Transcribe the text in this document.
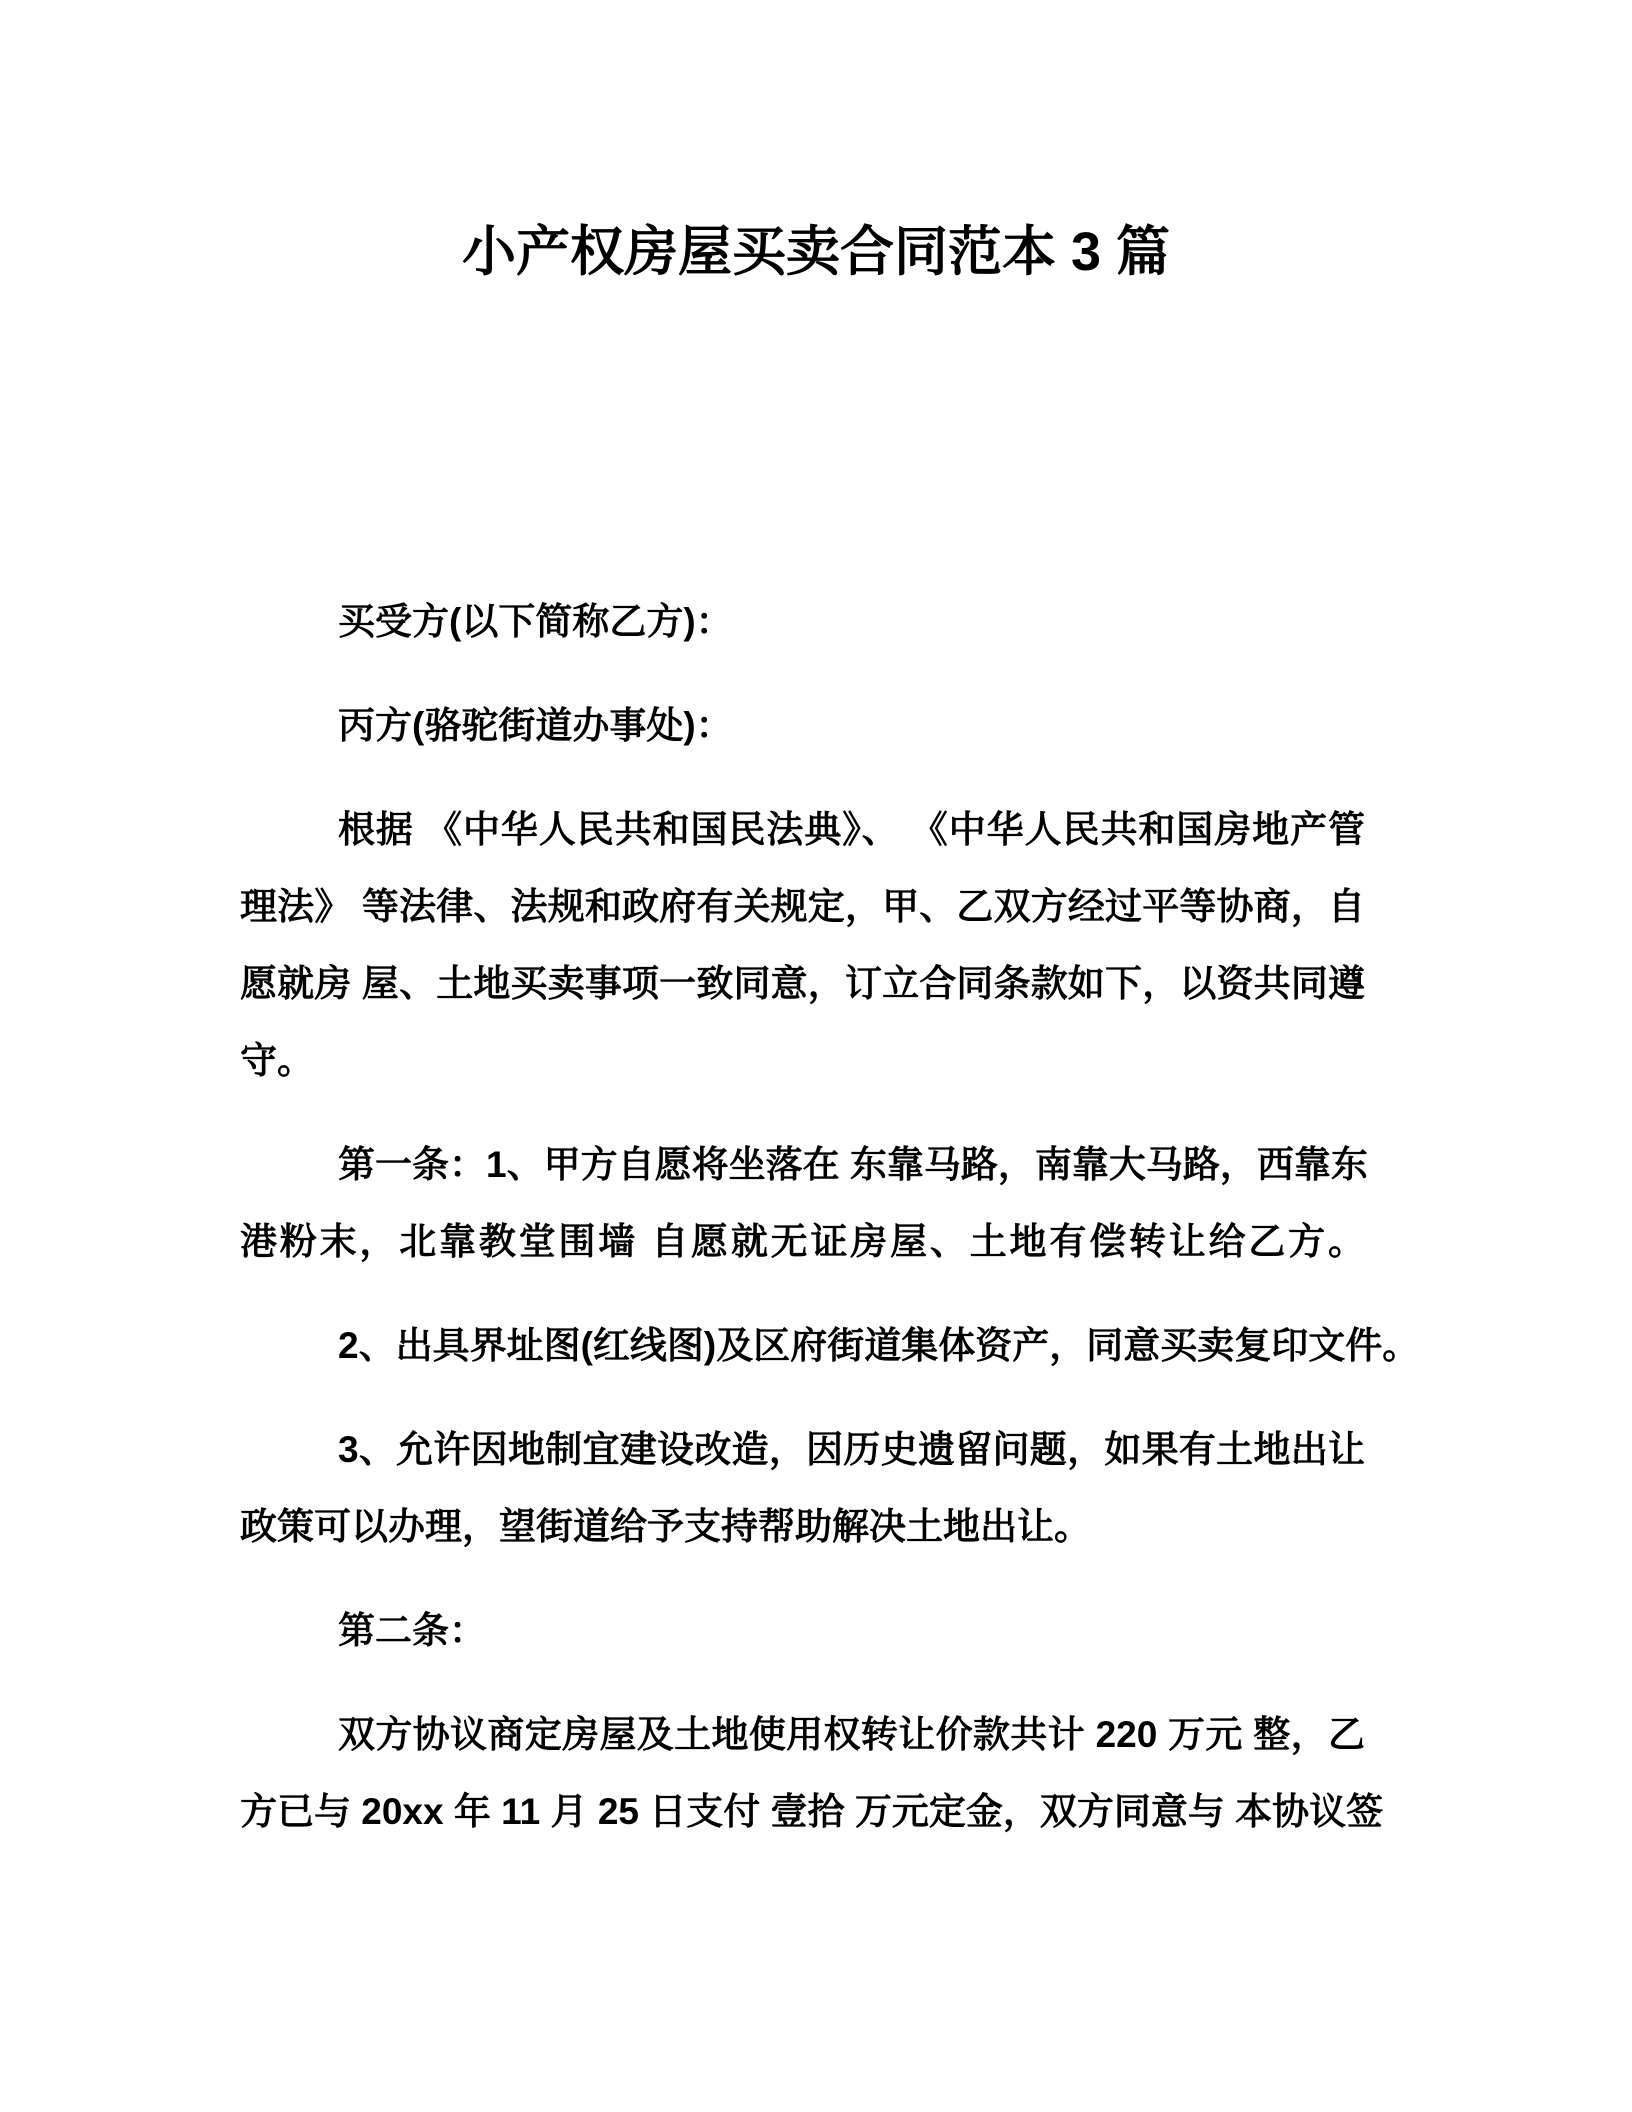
小产权房屋买卖合同范本 3 篇
买受方(以下简称乙方)：
丙方(骆驼街道办事处)：
根据 《中华人民共和国民法典》、 《中华人民共和国房地产管
理法》 等法律、法规和政府有关规定，甲、乙双方经过平等协商，自
愿就房 屋、土地买卖事项一致同意，订立合同条款如下，以资共同遵
守。
第一条：1、甲方自愿将坐落在 东靠马路，南靠大马路，西靠东
港粉末，北靠教堂围墙 自愿就无证房屋、土地有偿转让给乙方。
2、出具界址图(红线图)及区府街道集体资产，同意买卖复印文件。
3、允许因地制宜建设改造，因历史遗留问题，如果有土地出让
政策可以办理，望街道给予支持帮助解决土地出让。
第二条：
双方协议商定房屋及土地使用权转让价款共计 220 万元 整，乙
方已与 20xx 年 11 月 25 日支付 壹拾 万元定金，双方同意与 本协议签
